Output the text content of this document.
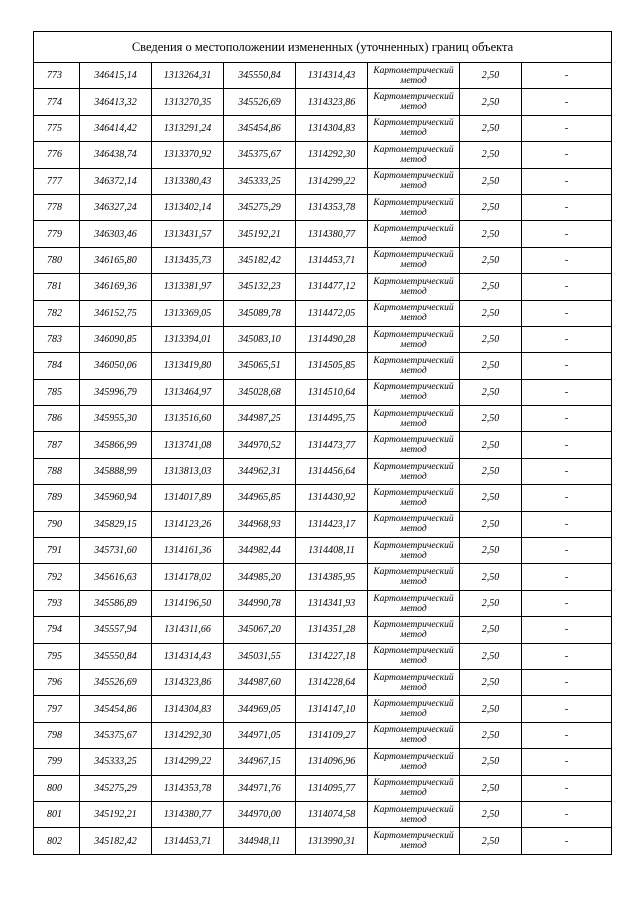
Сведения о местоположении измененных (уточненных) границ объекта							
773	346415,14	1313264,31	345550,84	1314314,43	Картометрический
метод	2,50	-
774	346413,32	1313270,35	345526,69	1314323,86	Картометрический
метод	2,50	-
775	346414,42	1313291,24	345454,86	1314304,83	Картометрический
метод	2,50	-
776	346438,74	1313370,92	345375,67	1314292,30	Картометрический
метод	2,50	-
777	346372,14	1313380,43	345333,25	1314299,22	Картометрический
метод	2,50	-
778	346327,24	1313402,14	345275,29	1314353,78	Картометрический
метод	2,50	-
779	346303,46	1313431,57	345192,21	1314380,77	Картометрический
метод	2,50	-
780	346165,80	1313435,73	345182,42	1314453,71	Картометрический
метод	2,50	-
781	346169,36	1313381,97	345132,23	1314477,12	Картометрический
метод	2,50	-
782	346152,75	1313369,05	345089,78	1314472,05	Картометрический
метод	2,50	-
783	346090,85	1313394,01	345083,10	1314490,28	Картометрический
метод	2,50	-
784	346050,06	1313419,80	345065,51	1314505,85	Картометрический
метод	2,50	-
785	345996,79	1313464,97	345028,68	1314510,64	Картометрический
метод	2,50	-
786	345955,30	1313516,60	344987,25	1314495,75	Картометрический
метод	2,50	-
787	345866,99	1313741,08	344970,52	1314473,77	Картометрический
метод	2,50	-
788	345888,99	1313813,03	344962,31	1314456,64	Картометрический
метод	2,50	-
789	345960,94	1314017,89	344965,85	1314430,92	Картометрический
метод	2,50	-
790	345829,15	1314123,26	344968,93	1314423,17	Картометрический
метод	2,50	-
791	345731,60	1314161,36	344982,44	1314408,11	Картометрический
метод	2,50	-
792	345616,63	1314178,02	344985,20	1314385,95	Картометрический
метод	2,50	-
793	345586,89	1314196,50	344990,78	1314341,93	Картометрический
метод	2,50	-
794	345557,94	1314311,66	345067,20	1314351,28	Картометрический
метод	2,50	-
795	345550,84	1314314,43	345031,55	1314227,18	Картометрический
метод	2,50	-
796	345526,69	1314323,86	344987,60	1314228,64	Картометрический
метод	2,50	-
797	345454,86	1314304,83	344969,05	1314147,10	Картометрический
метод	2,50	-
798	345375,67	1314292,30	344971,05	1314109,27	Картометрический
метод	2,50	-
799	345333,25	1314299,22	344967,15	1314096,96	Картометрический
метод	2,50	-
800	345275,29	1314353,78	344971,76	1314095,77	Картометрический
метод	2,50	-
801	345192,21	1314380,77	344970,00	1314074,58	Картометрический
метод	2,50	-
802	345182,42	1314453,71	344948,11	1313990,31	Картометрический
метод	2,50	-
